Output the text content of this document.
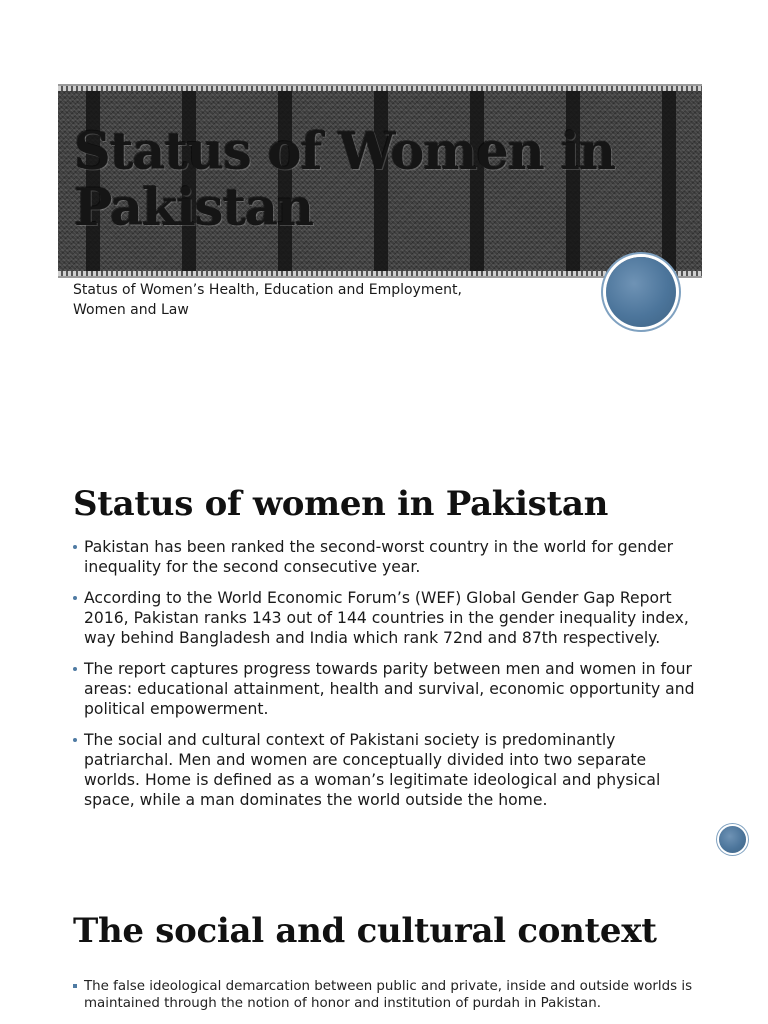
Status of Women in Pakistan

Status of Women’s Health, Education and Employment,
Women and Law

Status of women in Pakistan
Pakistan has been ranked the second-worst country in the world for gender inequality for the second consecutive year.
According to the World Economic Forum’s (WEF) Global Gender Gap Report 2016, Pakistan ranks 143 out of 144 countries in the gender inequality index, way behind Bangladesh and India which rank 72nd and 87th respectively.
The report captures progress towards parity between men and women in four areas: educational attainment, health and survival, economic opportunity and political empowerment.
The social and cultural context of Pakistani society is predominantly patriarchal. Men and women are conceptually divided into two separate worlds. Home is defined as a woman’s legitimate ideological and physical space, while a man dominates the world outside the home.
The social and cultural context
The false ideological demarcation between public and private, inside and outside worlds is maintained through the notion of honor and institution of purdah in Pakistan.
